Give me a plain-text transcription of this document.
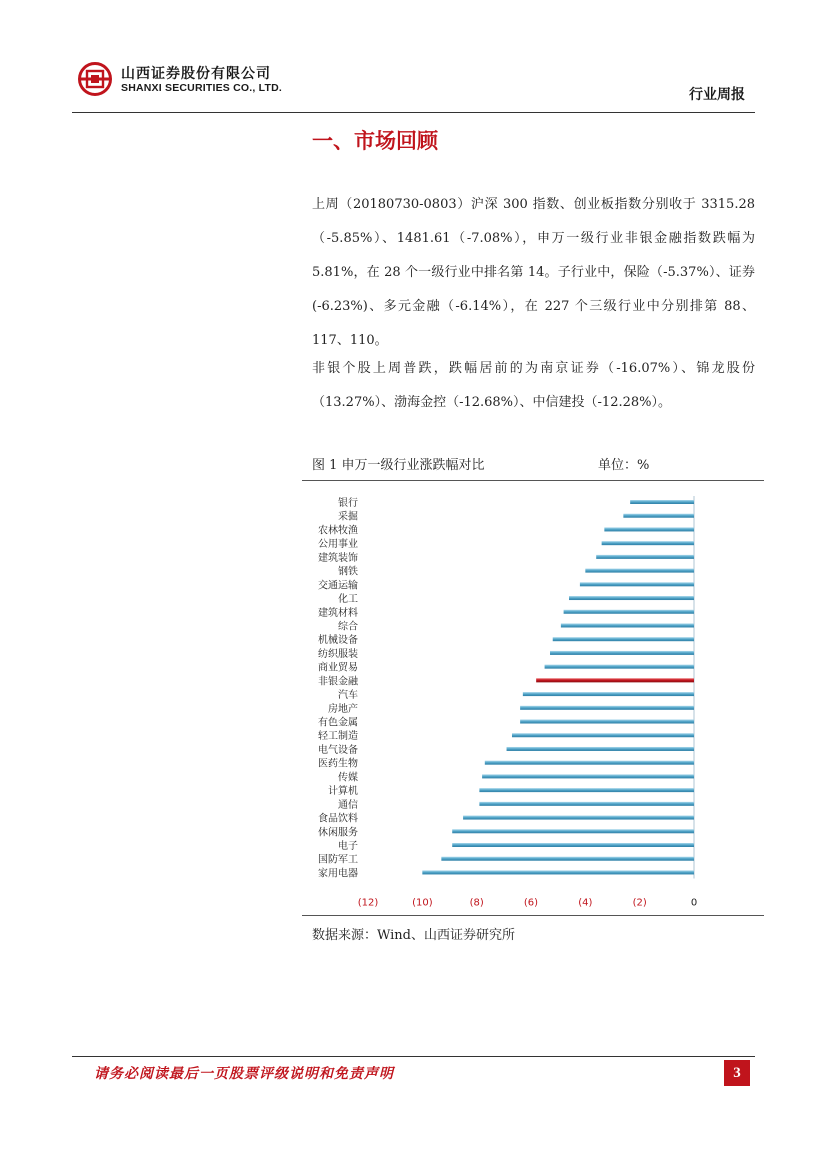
山西证券股份有限公司
SHANXI SECURITIES CO., LTD.	行业周报
一、市场回顾

上周（20180730-0803）沪深 300 指数、创业板指数分别收于 3315.28（-5.85%）、1481.61（-7.08%），申万一级行业非银金融指数跌幅为 5.81%，在 28 个一级行业中排名第 14。子行业中，保险（-5.37%）、证券(-6.23%)、多元金融（-6.14%），在 227 个三级行业中分别排第 88、117、110。

非银个股上周普跌，跌幅居前的为南京证券（-16.07%）、锦龙股份（13.27%）、渤海金控（-12.68%）、中信建投（-12.28%）。

图 1 申万一级行业涨跌幅对比	单位：%
银行
采掘
农林牧渔
公用事业
建筑装饰
钢铁
交通运输
化工
建筑材料
综合
机械设备
纺织服装
商业贸易
非银金融
汽车
房地产
有色金属
轻工制造
电气设备
医药生物
传媒
计算机
通信
食品饮料
休闲服务
电子
国防军工
家用电器
(12)	(10)	(8)	(6)	(4)	(2)	0
数据来源：Wind、山西证券研究所
请务必阅读最后一页股票评级说明和免责声明	3
